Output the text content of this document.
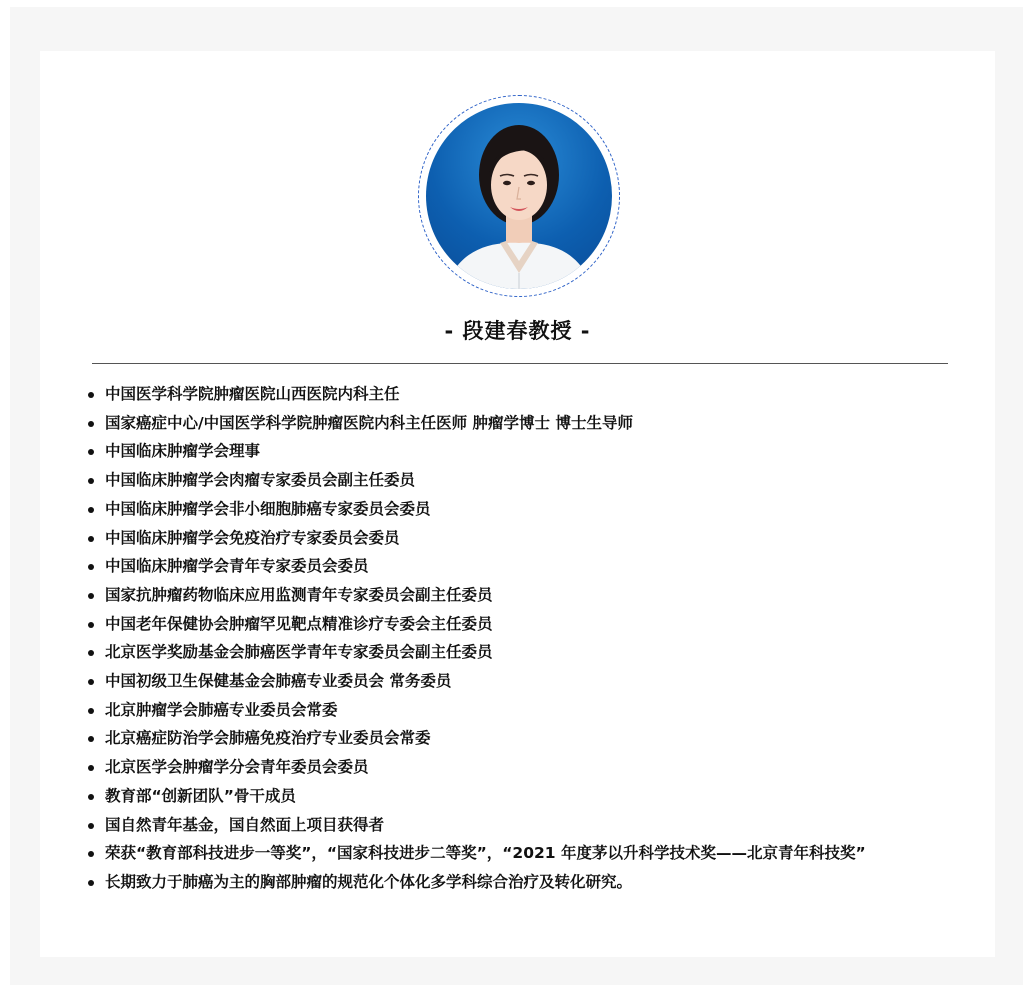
- 段建春教授 -
中国医学科学院肿瘤医院山西医院内科主任
国家癌症中心/中国医学科学院肿瘤医院内科主任医师 肿瘤学博士 博士生导师
中国临床肿瘤学会理事
中国临床肿瘤学会肉瘤专家委员会副主任委员
中国临床肿瘤学会非小细胞肺癌专家委员会委员
中国临床肿瘤学会免疫治疗专家委员会委员
中国临床肿瘤学会青年专家委员会委员
国家抗肿瘤药物临床应用监测青年专家委员会副主任委员
中国老年保健协会肿瘤罕见靶点精准诊疗专委会主任委员
北京医学奖励基金会肺癌医学青年专家委员会副主任委员
中国初级卫生保健基金会肺癌专业委员会 常务委员
北京肿瘤学会肺癌专业委员会常委
北京癌症防治学会肺癌免疫治疗专业委员会常委
北京医学会肿瘤学分会青年委员会委员
教育部“创新团队”骨干成员
国自然青年基金，国自然面上项目获得者
荣获“教育部科技进步一等奖”，“国家科技进步二等奖”，“2021 年度茅以升科学技术奖——北京青年科技奖”
长期致力于肺癌为主的胸部肿瘤的规范化个体化多学科综合治疗及转化研究。
